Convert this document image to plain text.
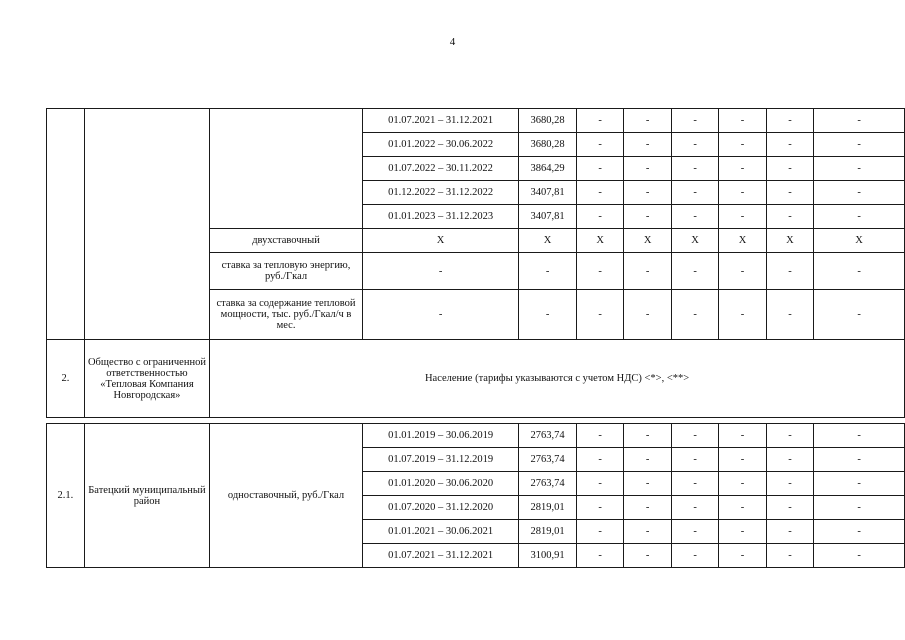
4
			01.07.2021 – 31.12.2021	3680,28	-	-	-	-	-	-
			01.01.2022 – 30.06.2022	3680,28	-	-	-	-	-	-
			01.07.2022 – 30.11.2022	3864,29	-	-	-	-	-	-
			01.12.2022 – 31.12.2022	3407,81	-	-	-	-	-	-
			01.01.2023 – 31.12.2023	3407,81	-	-	-	-	-	-
		двухставочный	Х	Х	Х	Х	Х	Х	Х	Х
		ставка за тепловую энергию, руб./Гкал	-	-	-	-	-	-	-	-
		ставка за содержание тепловой мощности, тыс. руб./Гкал/ч в мес.	-	-	-	-	-	-	-	-
2.	Общество с ограниченной ответственностью «Тепловая Компания Новгородская»	Население (тарифы указываются с учетом НДС) <*>, <**>								

2.1.	Батецкий муниципальный район	одноставочный, руб./Гкал	01.01.2019 – 30.06.2019	2763,74	-	-	-	-	-	-
			01.07.2019 – 31.12.2019	2763,74	-	-	-	-	-	-
			01.01.2020 – 30.06.2020	2763,74	-	-	-	-	-	-
			01.07.2020 – 31.12.2020	2819,01	-	-	-	-	-	-
			01.01.2021 – 30.06.2021	2819,01	-	-	-	-	-	-
			01.07.2021 – 31.12.2021	3100,91	-	-	-	-	-	-
